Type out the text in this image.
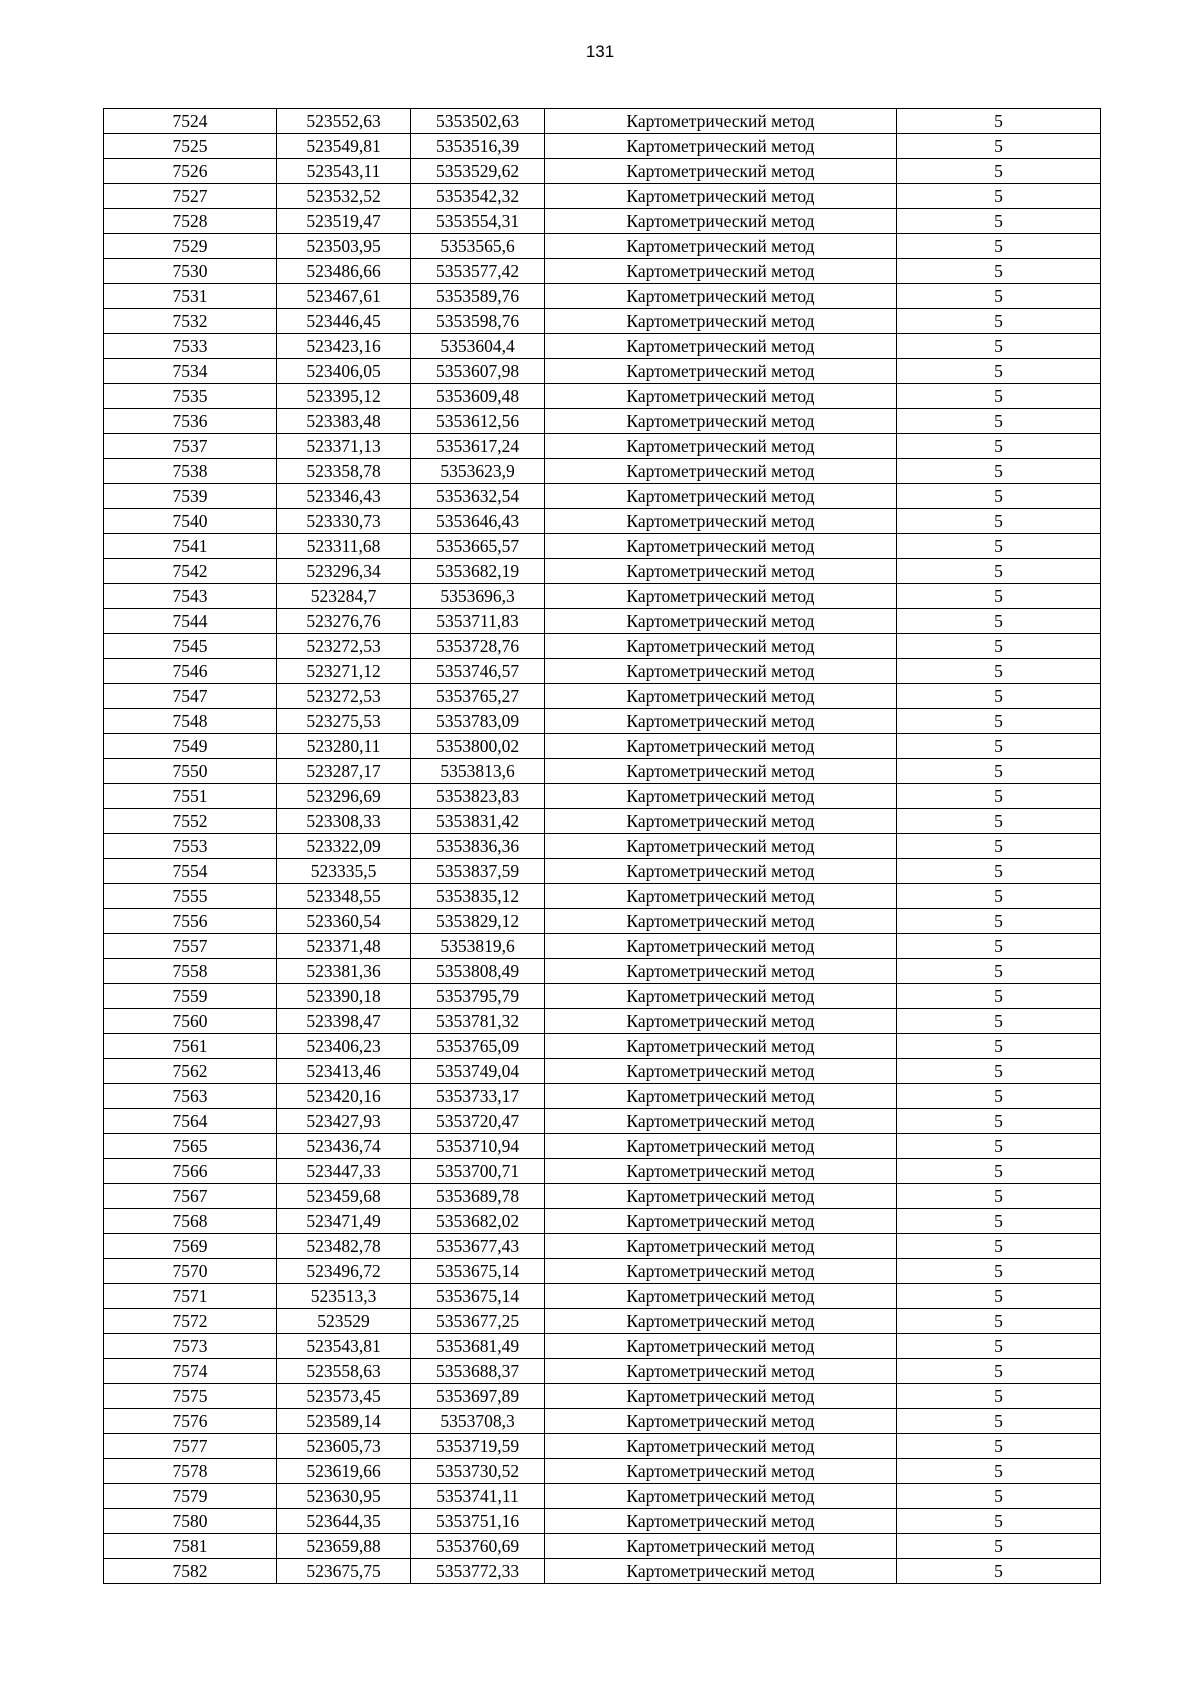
131
7524	523552,63	5353502,63	Картометрический метод	5
7525	523549,81	5353516,39	Картометрический метод	5
7526	523543,11	5353529,62	Картометрический метод	5
7527	523532,52	5353542,32	Картометрический метод	5
7528	523519,47	5353554,31	Картометрический метод	5
7529	523503,95	5353565,6	Картометрический метод	5
7530	523486,66	5353577,42	Картометрический метод	5
7531	523467,61	5353589,76	Картометрический метод	5
7532	523446,45	5353598,76	Картометрический метод	5
7533	523423,16	5353604,4	Картометрический метод	5
7534	523406,05	5353607,98	Картометрический метод	5
7535	523395,12	5353609,48	Картометрический метод	5
7536	523383,48	5353612,56	Картометрический метод	5
7537	523371,13	5353617,24	Картометрический метод	5
7538	523358,78	5353623,9	Картометрический метод	5
7539	523346,43	5353632,54	Картометрический метод	5
7540	523330,73	5353646,43	Картометрический метод	5
7541	523311,68	5353665,57	Картометрический метод	5
7542	523296,34	5353682,19	Картометрический метод	5
7543	523284,7	5353696,3	Картометрический метод	5
7544	523276,76	5353711,83	Картометрический метод	5
7545	523272,53	5353728,76	Картометрический метод	5
7546	523271,12	5353746,57	Картометрический метод	5
7547	523272,53	5353765,27	Картометрический метод	5
7548	523275,53	5353783,09	Картометрический метод	5
7549	523280,11	5353800,02	Картометрический метод	5
7550	523287,17	5353813,6	Картометрический метод	5
7551	523296,69	5353823,83	Картометрический метод	5
7552	523308,33	5353831,42	Картометрический метод	5
7553	523322,09	5353836,36	Картометрический метод	5
7554	523335,5	5353837,59	Картометрический метод	5
7555	523348,55	5353835,12	Картометрический метод	5
7556	523360,54	5353829,12	Картометрический метод	5
7557	523371,48	5353819,6	Картометрический метод	5
7558	523381,36	5353808,49	Картометрический метод	5
7559	523390,18	5353795,79	Картометрический метод	5
7560	523398,47	5353781,32	Картометрический метод	5
7561	523406,23	5353765,09	Картометрический метод	5
7562	523413,46	5353749,04	Картометрический метод	5
7563	523420,16	5353733,17	Картометрический метод	5
7564	523427,93	5353720,47	Картометрический метод	5
7565	523436,74	5353710,94	Картометрический метод	5
7566	523447,33	5353700,71	Картометрический метод	5
7567	523459,68	5353689,78	Картометрический метод	5
7568	523471,49	5353682,02	Картометрический метод	5
7569	523482,78	5353677,43	Картометрический метод	5
7570	523496,72	5353675,14	Картометрический метод	5
7571	523513,3	5353675,14	Картометрический метод	5
7572	523529	5353677,25	Картометрический метод	5
7573	523543,81	5353681,49	Картометрический метод	5
7574	523558,63	5353688,37	Картометрический метод	5
7575	523573,45	5353697,89	Картометрический метод	5
7576	523589,14	5353708,3	Картометрический метод	5
7577	523605,73	5353719,59	Картометрический метод	5
7578	523619,66	5353730,52	Картометрический метод	5
7579	523630,95	5353741,11	Картометрический метод	5
7580	523644,35	5353751,16	Картометрический метод	5
7581	523659,88	5353760,69	Картометрический метод	5
7582	523675,75	5353772,33	Картометрический метод	5
